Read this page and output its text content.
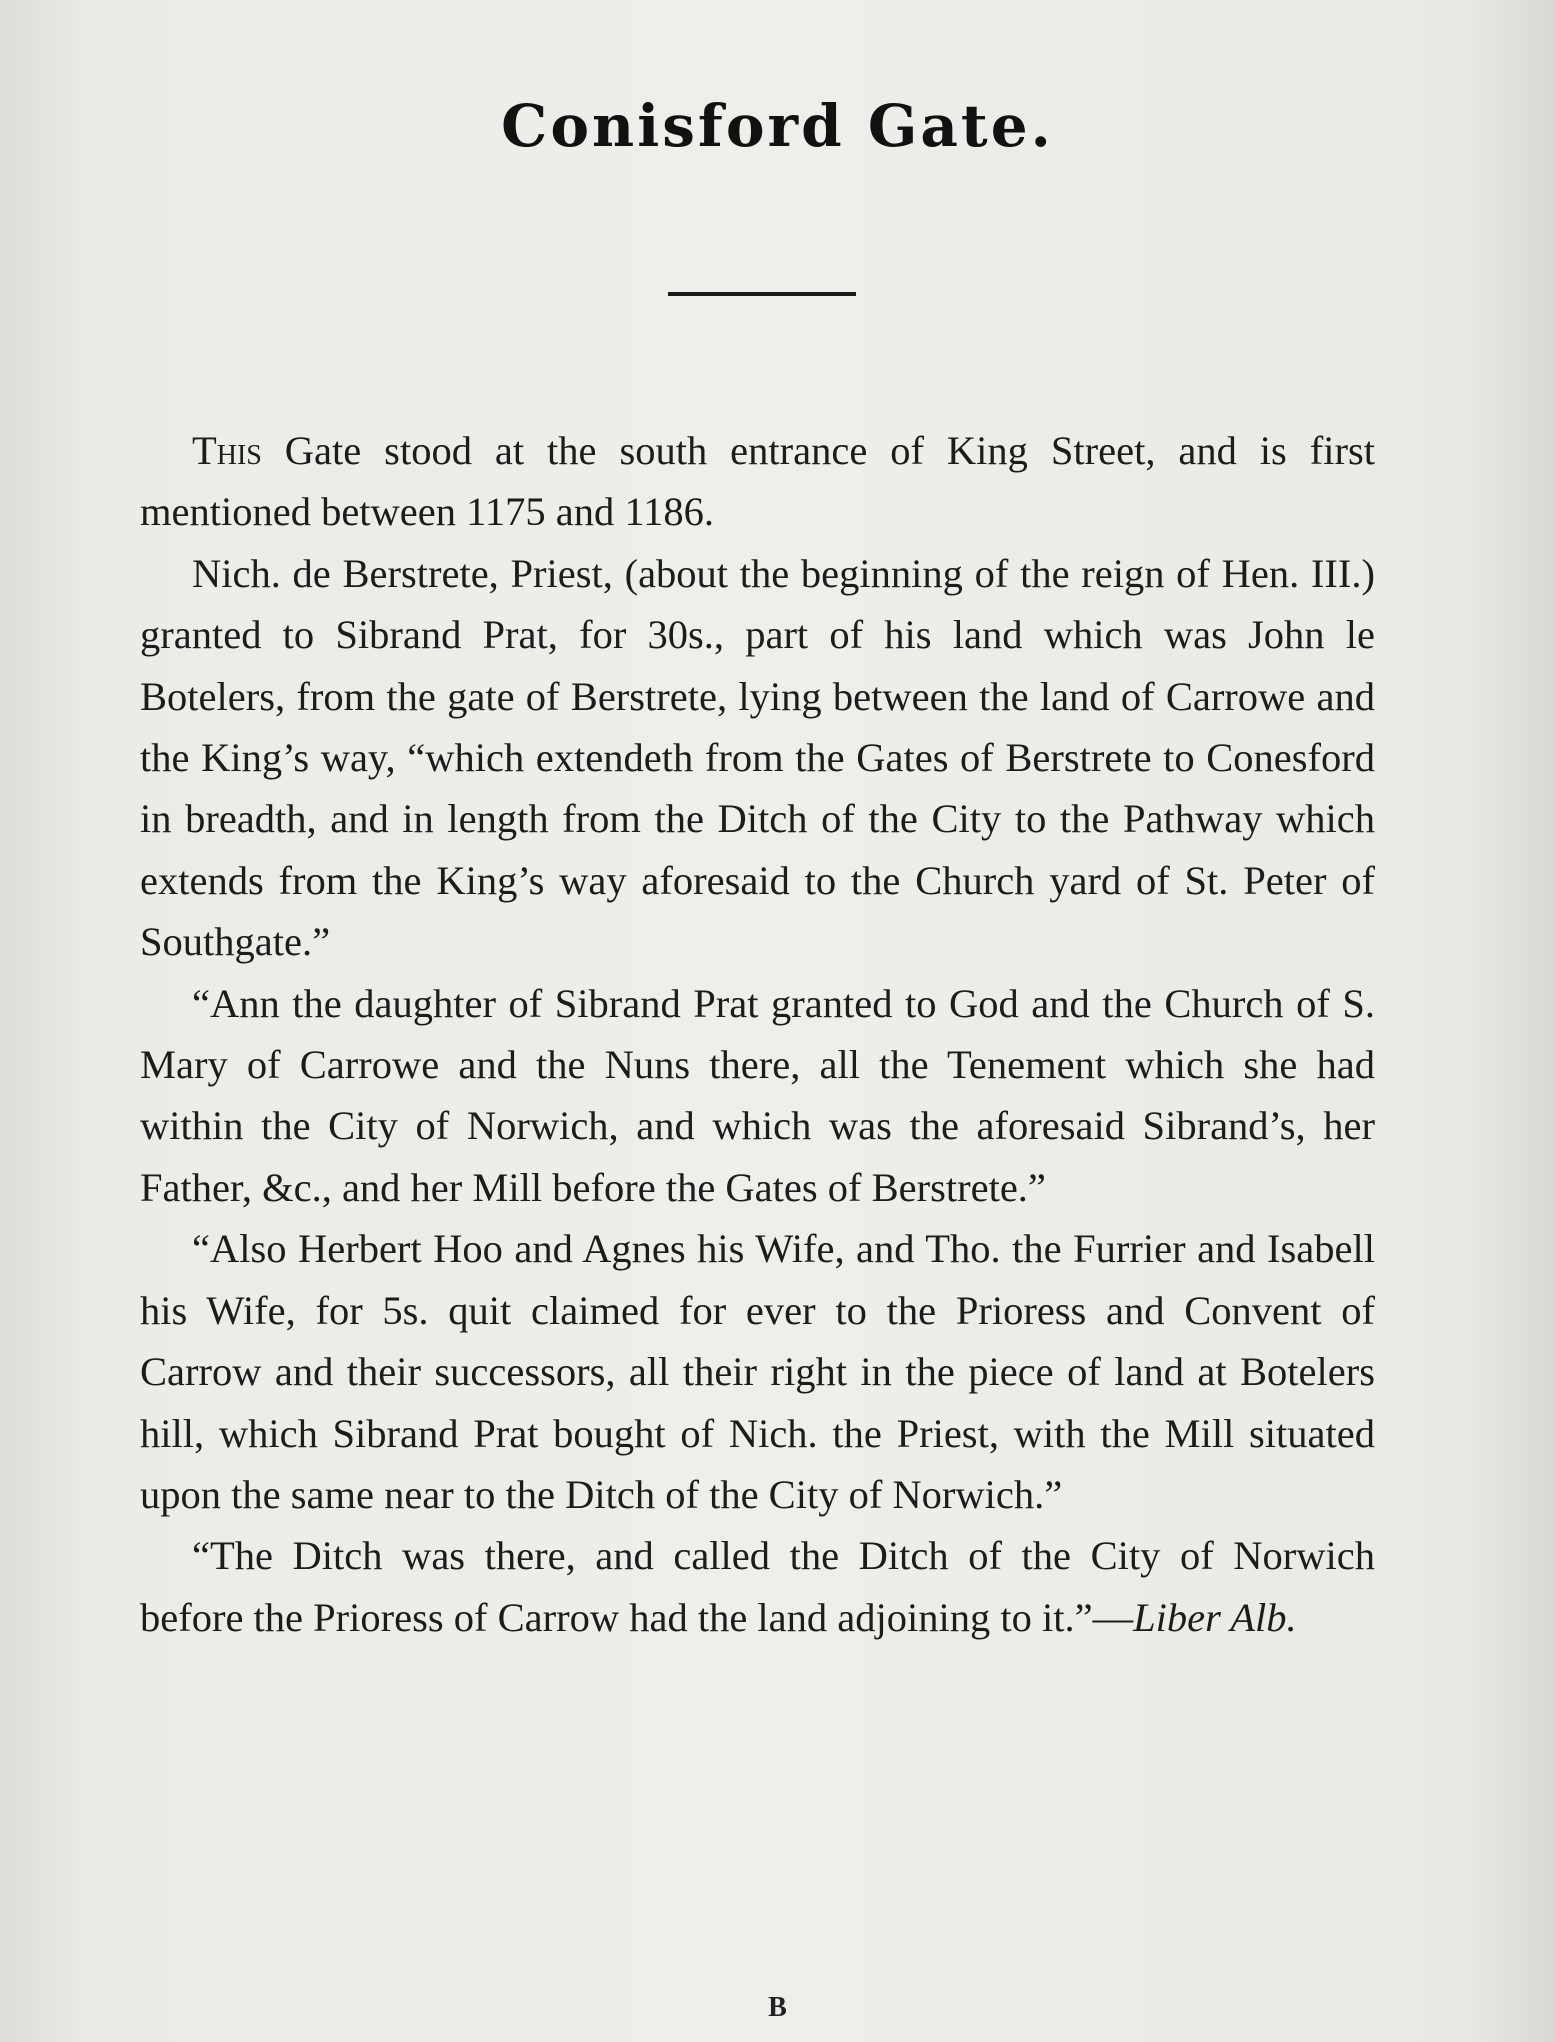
Conisford Gate.

This Gate stood at the south entrance of King Street, and is first mentioned between 1175 and 1186.

Nich. de Berstrete, Priest, (about the beginning of the reign of Hen. III.) granted to Sibrand Prat, for 30s., part of his land which was John le Botelers, from the gate of Berstrete, lying between the land of Carrowe and the King’s way, “which extendeth from the Gates of Berstrete to Conesford in breadth, and in length from the Ditch of the City to the Pathway which extends from the King’s way aforesaid to the Church yard of St. Peter of Southgate.”

“Ann the daughter of Sibrand Prat granted to God and the Church of S. Mary of Carrowe and the Nuns there, all the Tenement which she had within the City of Norwich, and which was the aforesaid Sibrand’s, her Father, &c., and her Mill before the Gates of Berstrete.”

“Also Herbert Hoo and Agnes his Wife, and Tho. the Furrier and Isabell his Wife, for 5s. quit claimed for ever to the Prioress and Convent of Carrow and their successors, all their right in the piece of land at Botelers hill, which Sibrand Prat bought of Nich. the Priest, with the Mill situated upon the same near to the Ditch of the City of Norwich.”

“The Ditch was there, and called the Ditch of the City of Norwich before the Prioress of Carrow had the land adjoining to it.”—Liber Alb.

B
